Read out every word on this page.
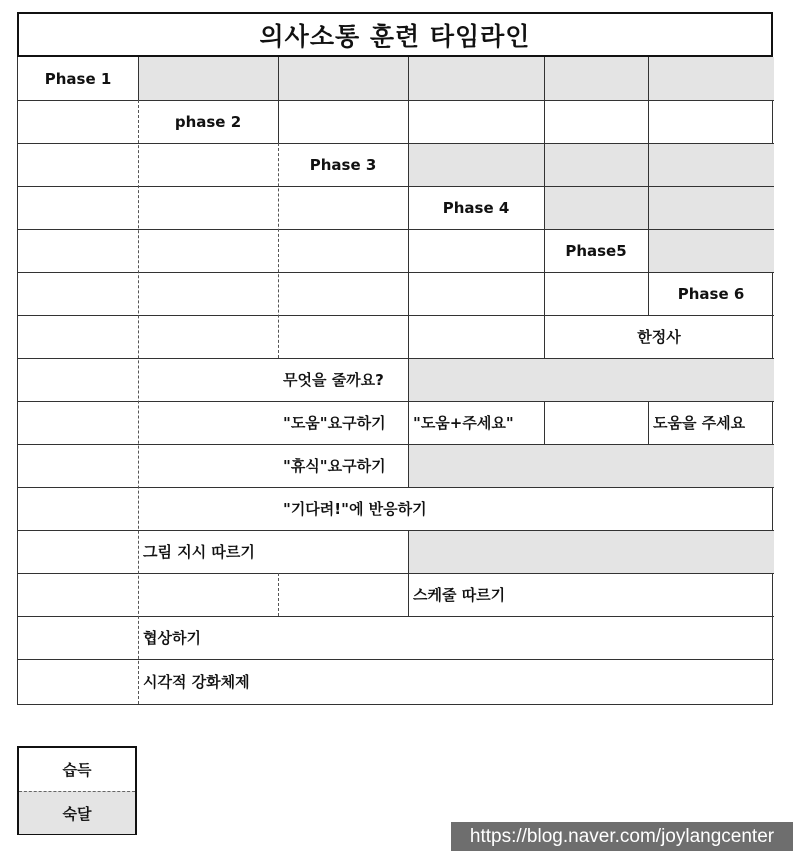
의사소통 훈련 타임라인
Phase 1
phase 2
Phase 3
Phase 4
Phase5
Phase 6
한정사
무엇을 줄까요?
"도움"요구하기	"도움+주세요"	도움을 주세요
"휴식"요구하기
"기다려!"에 반응하기
그림 지시 따르기
스케줄 따르기
협상하기
시각적 강화체제
습득
숙달
https://blog.naver.com/joylangcenter
